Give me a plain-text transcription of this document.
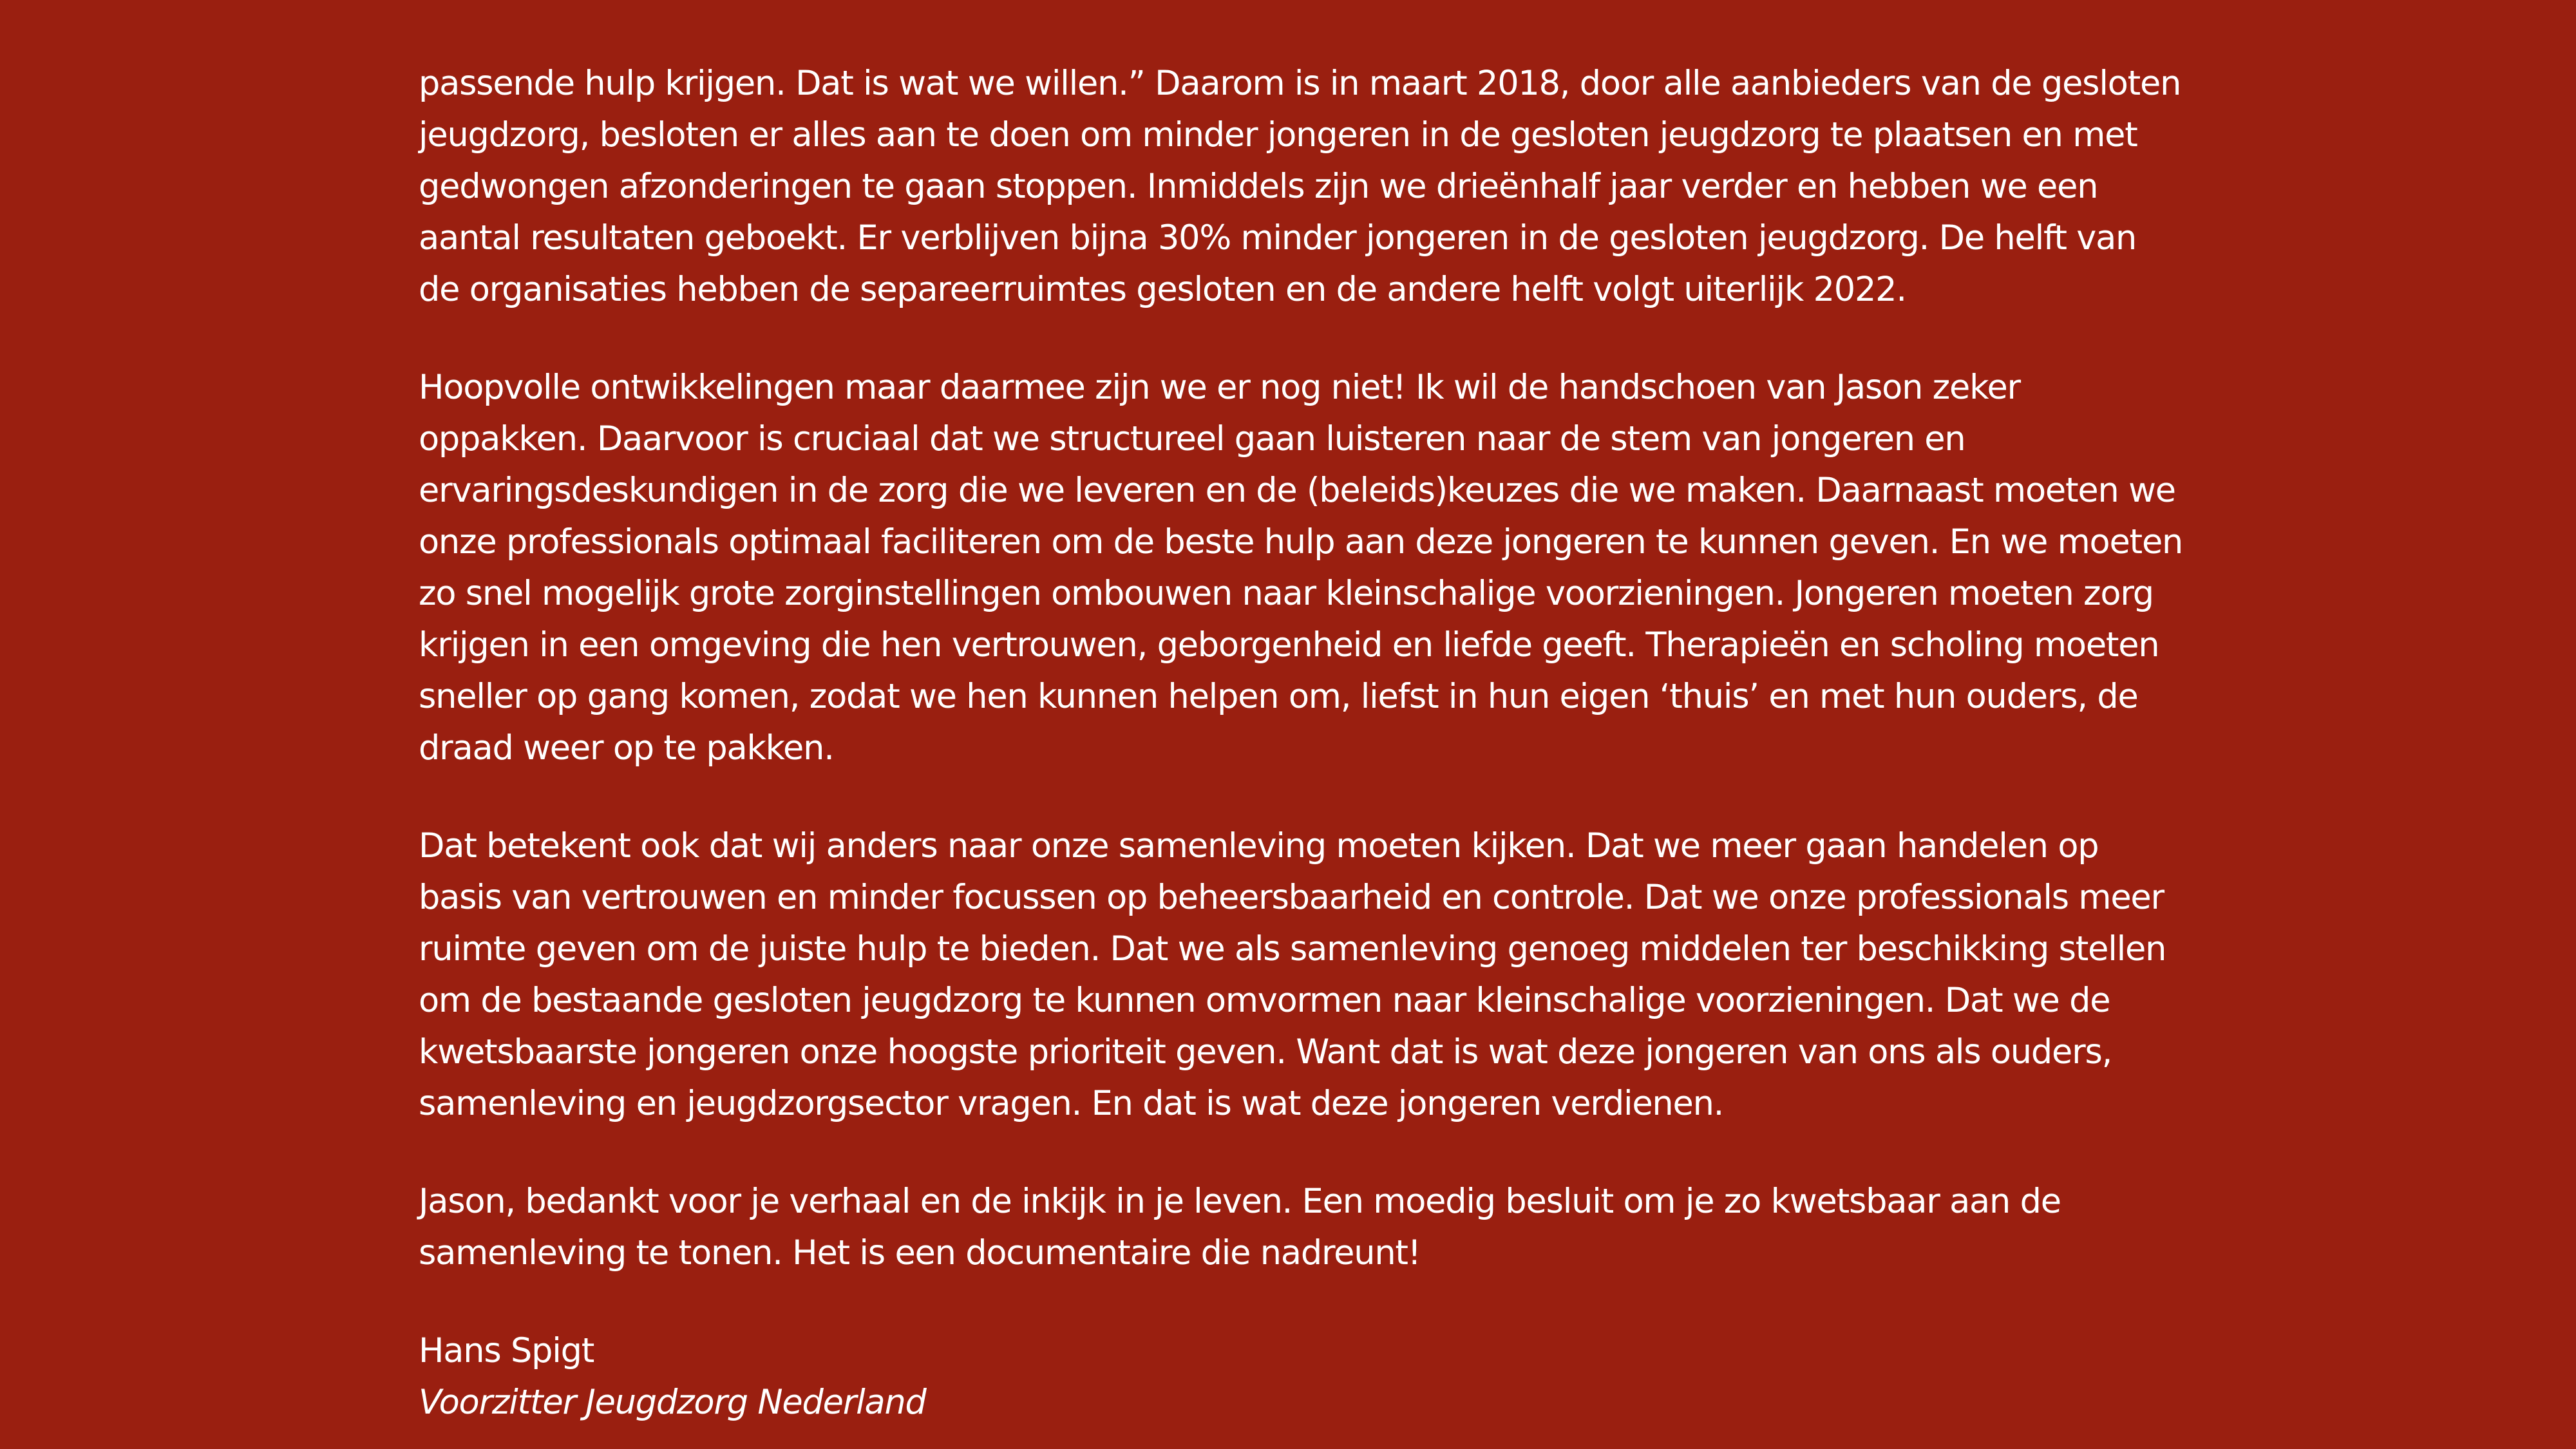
passende hulp krijgen. Dat is wat we willen.” Daarom is in maart 2018, door alle aanbieders van de gesloten jeugdzorg, besloten er alles aan te doen om minder jongeren in de gesloten jeugdzorg te plaatsen en met gedwongen afzonderingen te gaan stoppen. Inmiddels zijn we drieënhalf jaar verder en hebben we een aantal resultaten geboekt. Er verblijven bijna 30% minder jongeren in de gesloten jeugdzorg. De helft van de organisaties hebben de separeerruimtes gesloten en de andere helft volgt uiterlijk 2022.

Hoopvolle ontwikkelingen maar daarmee zijn we er nog niet! Ik wil de handschoen van Jason zeker oppakken. Daarvoor is cruciaal dat we structureel gaan luisteren naar de stem van jongeren en ervaringsdeskundigen in de zorg die we leveren en de (beleids)keuzes die we maken. Daarnaast moeten we onze professionals optimaal faciliteren om de beste hulp aan deze jongeren te kunnen geven. En we moeten zo snel mogelijk grote zorginstellingen ombouwen naar kleinschalige voorzieningen. Jongeren moeten zorg krijgen in een omgeving die hen vertrouwen, geborgenheid en liefde geeft. Therapieën en scholing moeten sneller op gang komen, zodat we hen kunnen helpen om, liefst in hun eigen ‘thuis’ en met hun ouders, de draad weer op te pakken.

Dat betekent ook dat wij anders naar onze samenleving moeten kijken. Dat we meer gaan handelen op basis van vertrouwen en minder focussen op beheersbaarheid en controle. Dat we onze professionals meer ruimte geven om de juiste hulp te bieden. Dat we als samenleving genoeg middelen ter beschikking stellen om de bestaande gesloten jeugdzorg te kunnen omvormen naar kleinschalige voorzieningen. Dat we de kwetsbaarste jongeren onze hoogste prioriteit geven. Want dat is wat deze jongeren van ons als ouders, samenleving en jeugdzorgsector vragen. En dat is wat deze jongeren verdienen.

Jason, bedankt voor je verhaal en de inkijk in je leven. Een moedig besluit om je zo kwetsbaar aan de samenleving te tonen. Het is een documentaire die nadreunt!

Hans Spigt
Voorzitter Jeugdzorg Nederland
